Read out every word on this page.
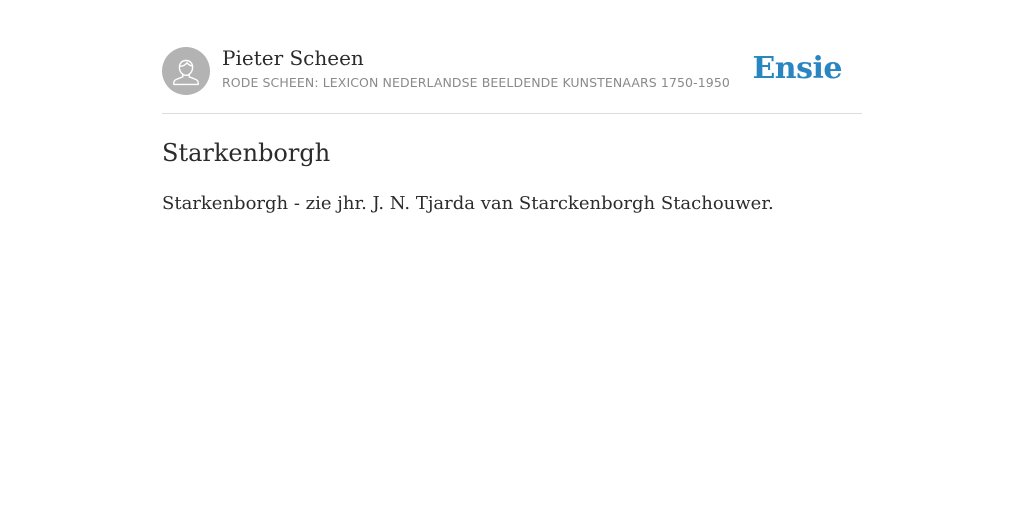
Pieter Scheen
RODE SCHEEN: LEXICON NEDERLANDSE BEELDENDE KUNSTENAARS 1750-1950 Ensie
Starkenborgh

Starkenborgh - zie jhr. J. N. Tjarda van Starckenborgh Stachouwer.
